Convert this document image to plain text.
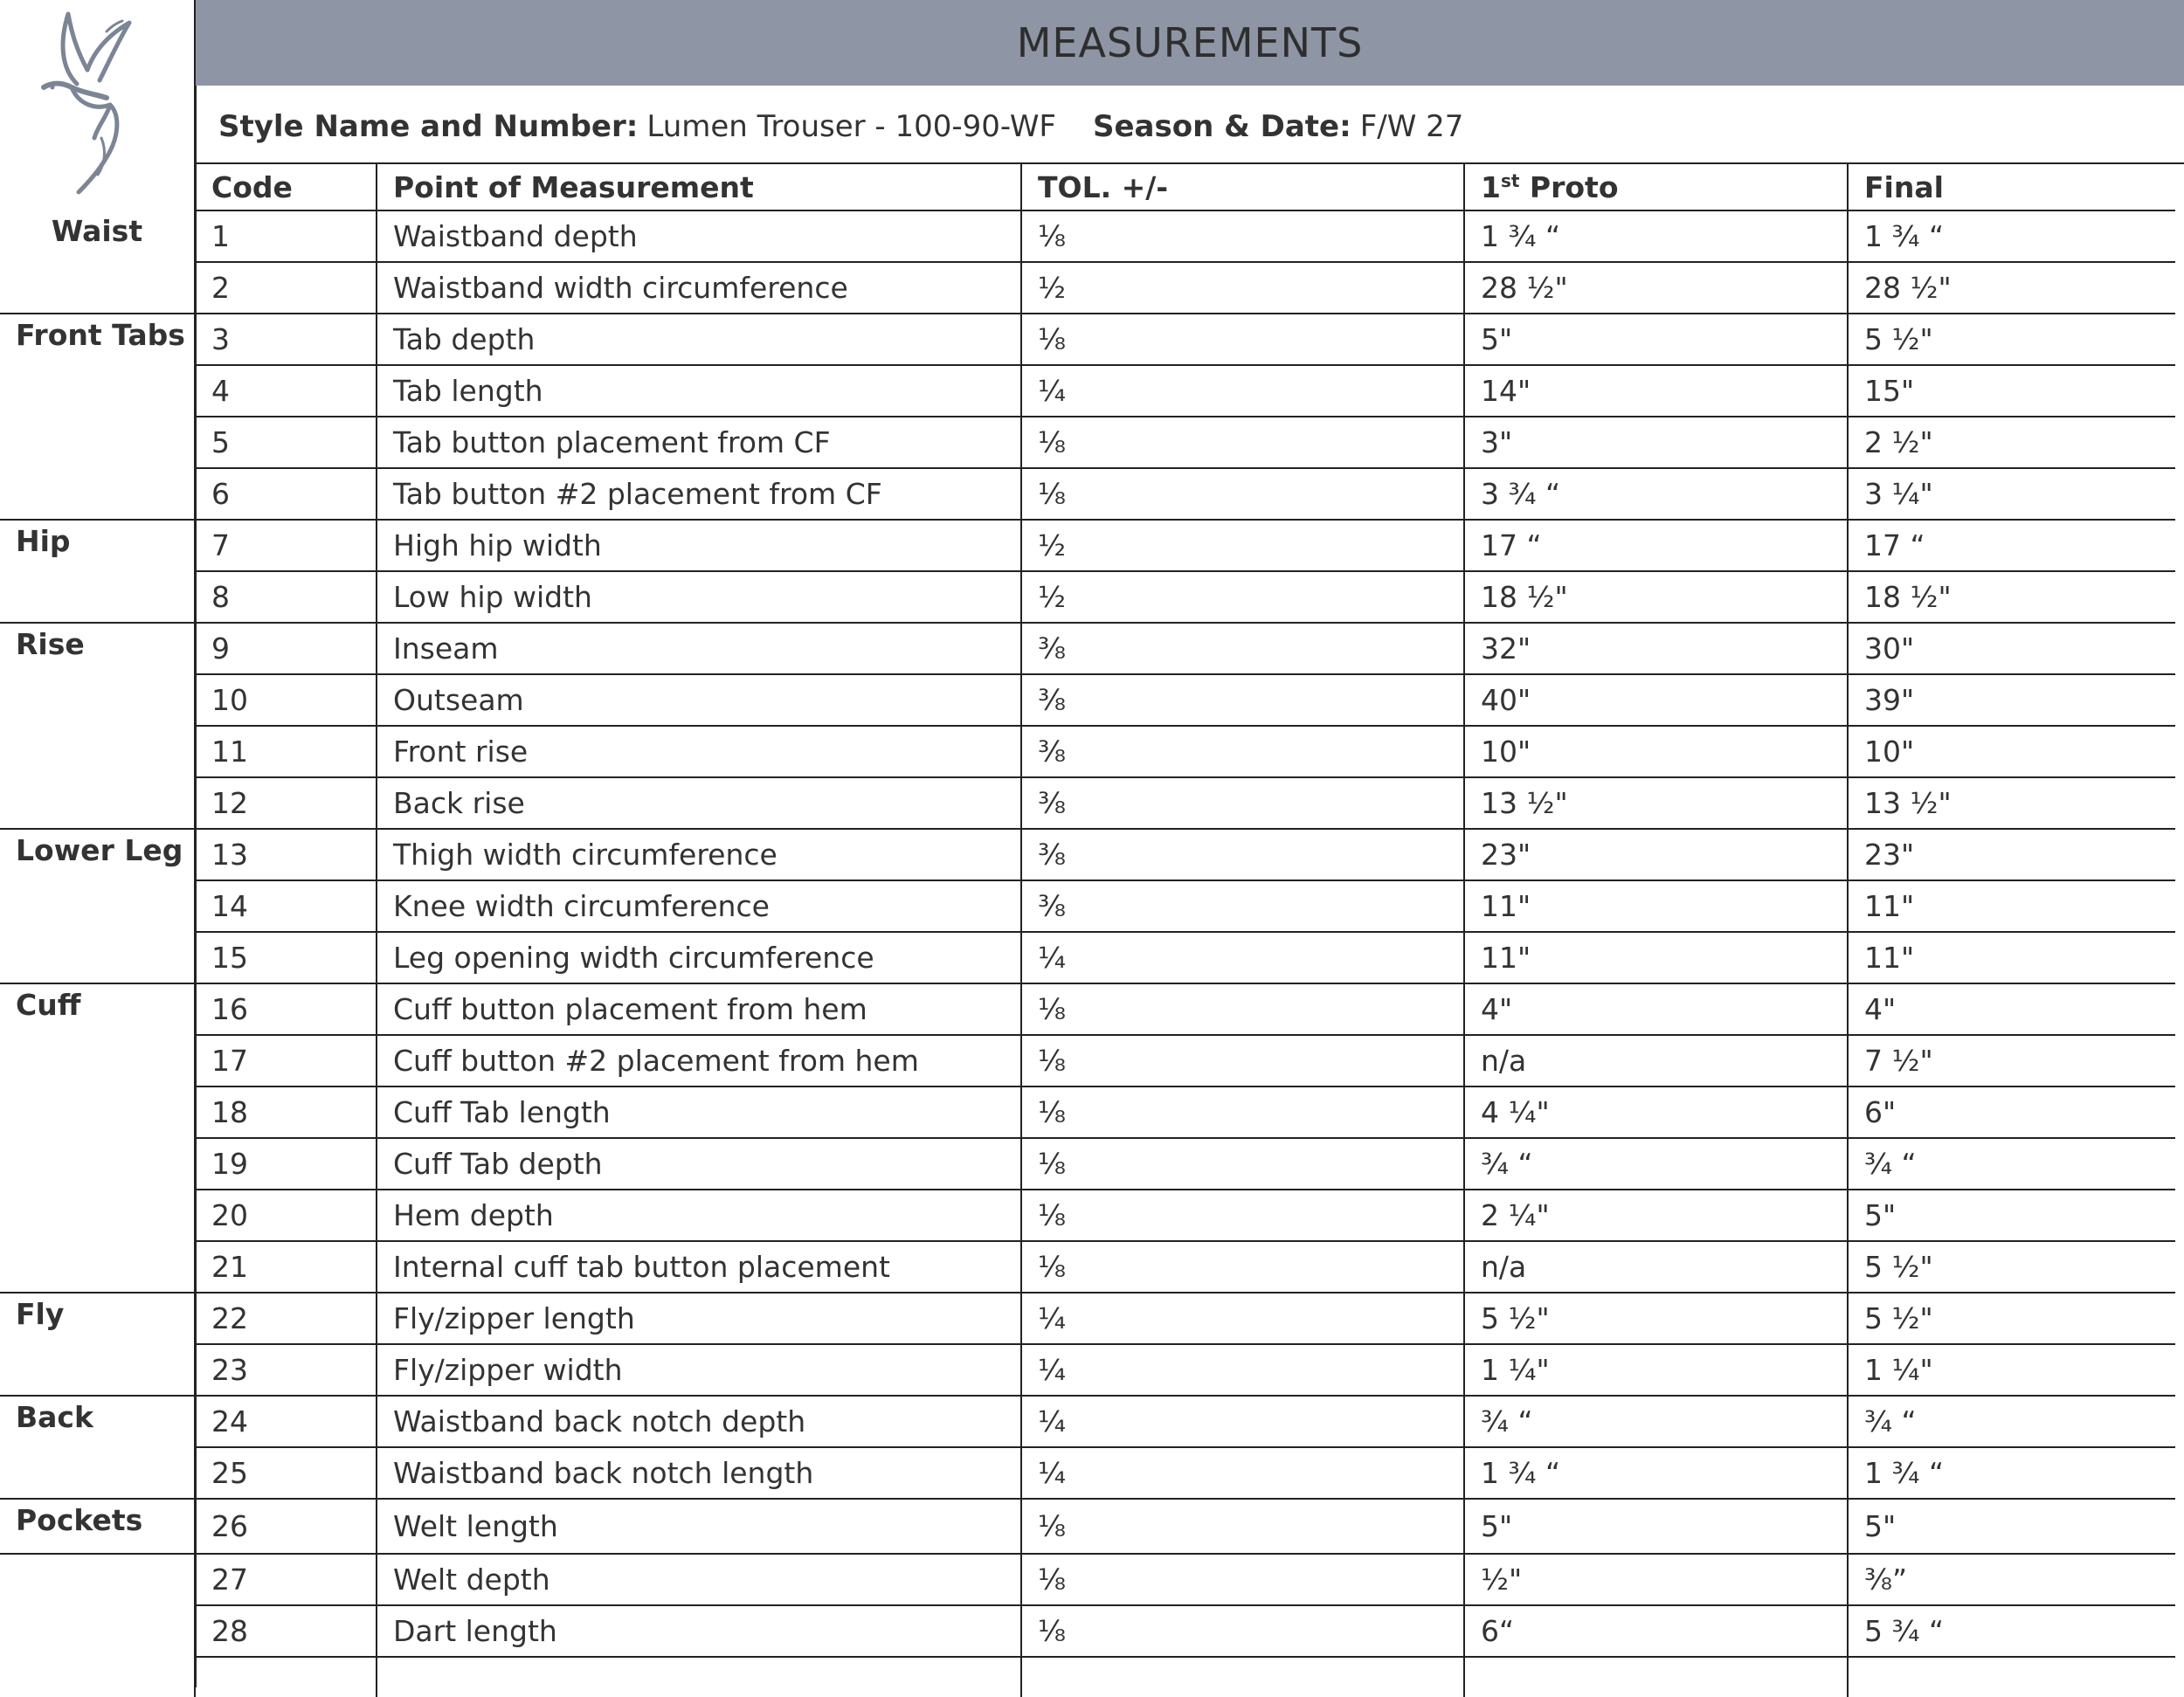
MEASUREMENTS
Style Name and Number: Lumen Trouser - 100-90-WF Season & Date: F/W 27
	Code	Point of Measurement	TOL. +/-	1st Proto	Final
Waist	1	Waistband depth	⅛	1 ¾ “	1 ¾ “
	2	Waistband width circumference	½	28 ½"	28 ½"
Front Tabs	3	Tab depth	⅛	5"	5 ½"
	4	Tab length	¼	14"	15"
	5	Tab button placement from CF	⅛	3"	2 ½"
	6	Tab button #2 placement from CF	⅛	3 ¾ “	3 ¼"
Hip	7	High hip width	½	17 “	17 “
	8	Low hip width	½	18 ½"	18 ½"
Rise	9	Inseam	⅜	32"	30"
	10	Outseam	⅜	40"	39"
	11	Front rise	⅜	10"	10"
	12	Back rise	⅜	13 ½"	13 ½"
Lower Leg	13	Thigh width circumference	⅜	23"	23"
	14	Knee width circumference	⅜	11"	11"
	15	Leg opening width circumference	¼	11"	11"
Cuff	16	Cuff button placement from hem	⅛	4"	4"
	17	Cuff button #2 placement from hem	⅛	n/a	7 ½"
	18	Cuff Tab length	⅛	4 ¼"	6"
	19	Cuff Tab depth	⅛	¾ “	¾ “
	20	Hem depth	⅛	2 ¼"	5"
	21	Internal cuff tab button placement	⅛	n/a	5 ½"
Fly	22	Fly/zipper length	¼	5 ½"	5 ½"
	23	Fly/zipper width	¼	1 ¼"	1 ¼"
Back	24	Waistband back notch depth	¼	¾ “	¾ “
	25	Waistband back notch length	¼	1 ¾ “	1 ¾ “
Pockets	26	Welt length	⅛	5"	5"
	27	Welt depth	⅛	½"	⅜”
	28	Dart length	⅛	6“	5 ¾ “
